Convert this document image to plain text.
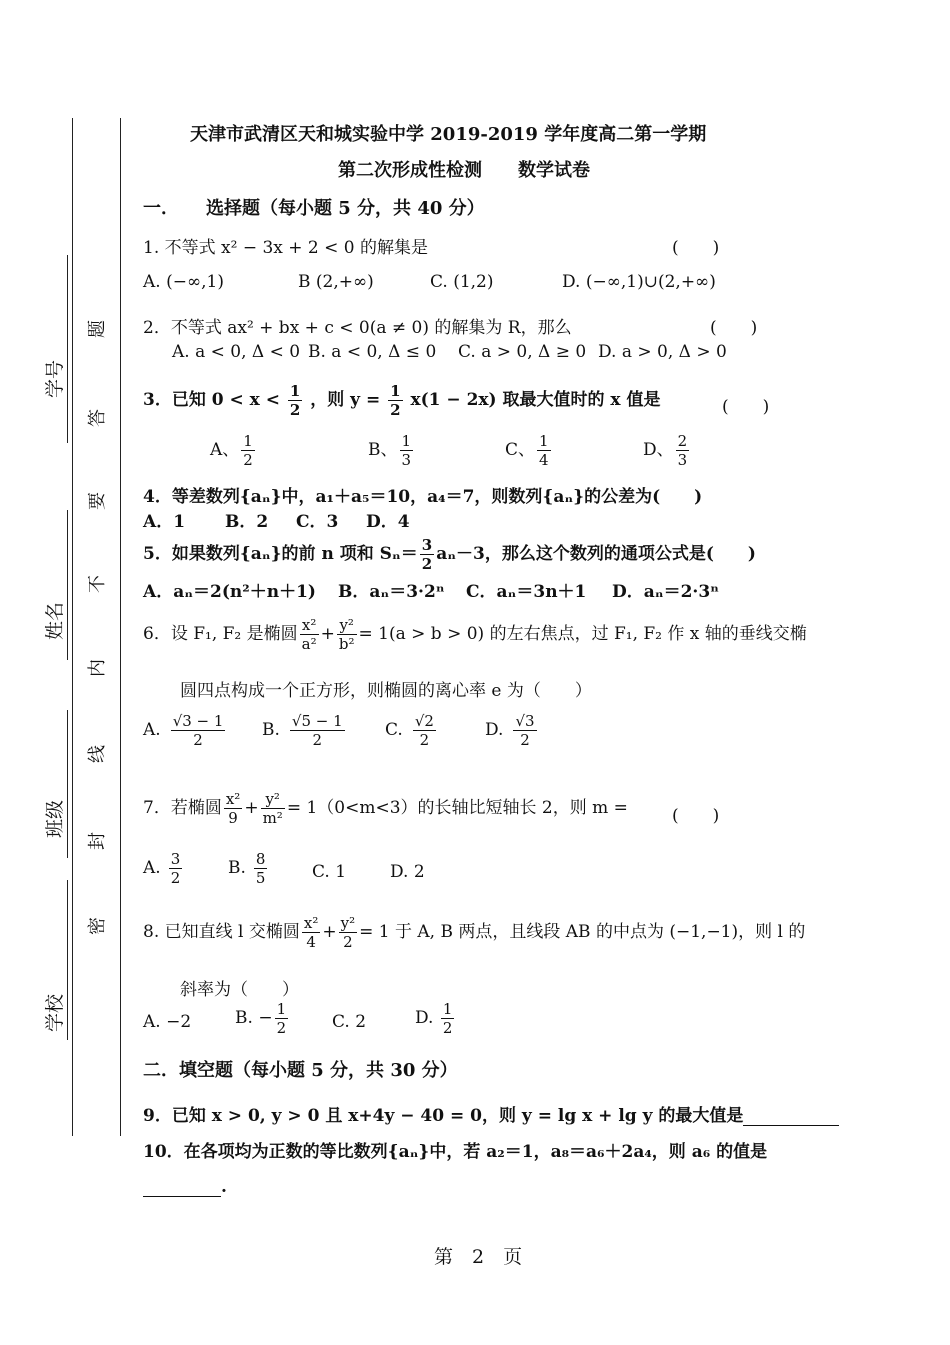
学号
姓名
班级
学校
题
答
要
不
内
线
封
密
天津市武清区天和城实验中学 2019-2019 学年度高二第一学期
第二次形成性检测　　数学试卷
一．　　选择题（每小题 5 分，共 40 分）
1. 不等式 x² − 3x + 2 < 0 的解集是	(　　)
A. (−∞,1)	B (2,+∞)	C. (1,2)	D. (−∞,1)∪(2,+∞)
2．不等式 ax² + bx + c < 0(a ≠ 0) 的解集为 R，那么	(　　)
A. a < 0, Δ < 0 B. a < 0, Δ ≤ 0 C. a > 0, Δ ≥ 0 D. a > 0, Δ > 0
3．已知 $0 < x < \frac{1}{2}$ ，则 $y = \frac{1}{2} x(1 - 2x)$ 取最大值时的 x 值是	(　　)
A、 $\frac{1}{2}$	B、 $\frac{1}{3}$	C、 $\frac{1}{4}$	D、 $\frac{2}{3}$
4．等差数列{aₙ}中，a₁＋a₅＝10，a₄＝7，则数列{aₙ}的公差为(　　)
A．1 B．2 C．3 D．4
5．如果数列{aₙ}的前 n 项和 $S_n= \frac{3}{2} a_n-3$，那么这个数列的通项公式是(　　)
A．aₙ＝2(n²＋n＋1) B．aₙ＝3·2ⁿ C．aₙ＝3n＋1 D．aₙ＝2·3ⁿ
6．设 F₁, F₂ 是椭圆 $\frac{\text{x²}}{\text{a²}} + \frac{\text{y²}}{\text{b²}} = 1(a > b > 0)$ 的左右焦点，过 F₁, F₂ 作 x 轴的垂线交椭
圆四点构成一个正方形，则椭圆的离心率 e 为（　　）
A. $\frac{√3 - 1}{2} B$. $\frac{√5 - 1}{2} C$. $\frac{√2}{2}$	D. $\frac{√3}{2}$
7．若椭圆 $\frac{\text{x²}}{9} + \frac{\text{y²}}{\text{m²}} = 1(0<m<3)$的长轴比短轴长 2，则 m =	(　　)
A. $\frac{3}{2}$	B. $\frac{8}{5}$	C. 1	D. 2
8. 已知直线 l 交椭圆 $\frac{\text{x²}}{4} + \frac{\text{y²}}{2} = 1$ 于 A, B 两点，且线段 AB 的中点为 (−1,−1)，则 l 的
斜率为（　　）
A. −2	B. − $\frac{1}{2}$	C. 2	D. $\frac{1}{2}$
二．填空题（每小题 5 分，共 30 分）
9．已知 x > 0, y > 0 且 x+4y − 40 = 0，则 y = lg x + lg y 的最大值是
10．在各项均为正数的等比数列{aₙ}中，若 a₂＝1，a₈＝a₆＋2a₄，则 a₆ 的值是
.
第　2　页
